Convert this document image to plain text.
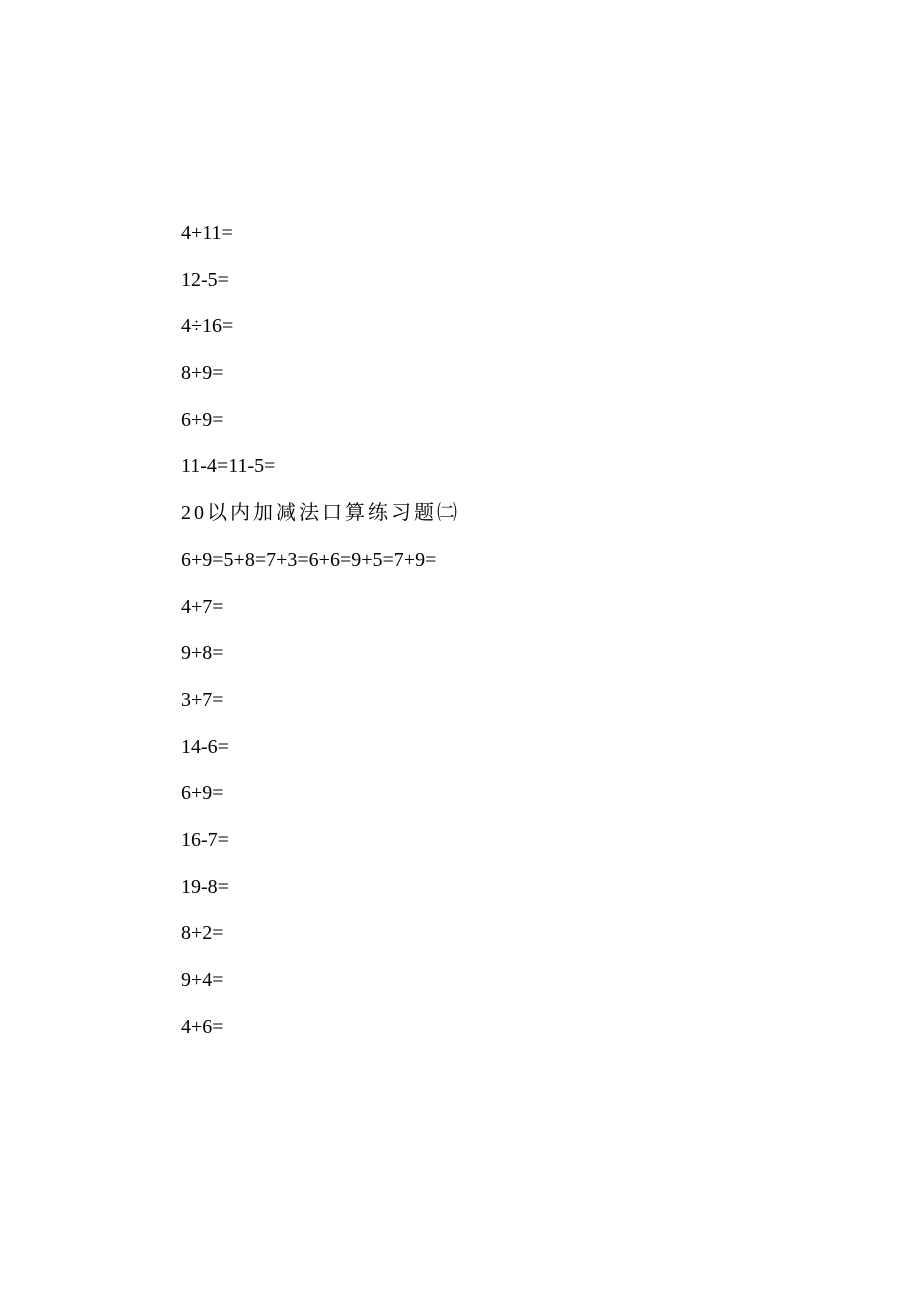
4+11=
12-5=
4÷16=
8+9=
6+9=
11-4=11-5=
20以内加减法口算练习题㈡
6+9=5+8=7+3=6+6=9+5=7+9=
4+7=
9+8=
3+7=
14-6=
6+9=
16-7=
19-8=
8+2=
9+4=
4+6=
